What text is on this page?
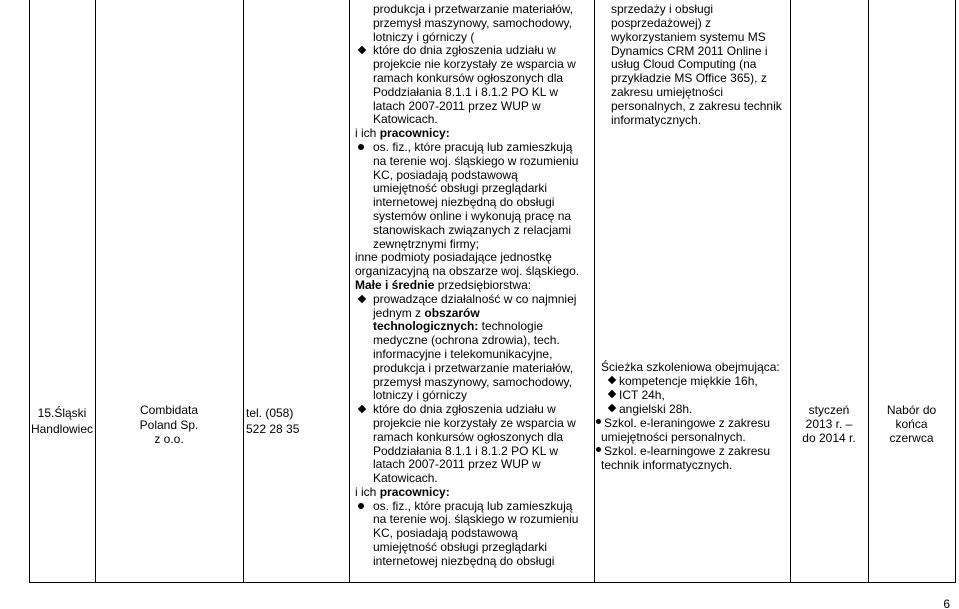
15.Śląski
Handlowiec
Combidata
Poland Sp.
z o.o.
tel. (058)
522 28 35
produkcja i przetwarzanie materiałów,
przemysł maszynowy, samochodowy,
lotniczy i górniczy (
które do dnia zgłoszenia udziału w
projekcie nie korzystały ze wsparcia w
ramach konkursów ogłoszonych dla
Poddziałania 8.1.1 i 8.1.2 PO KL w
latach 2007-2011 przez WUP w
Katowicach.
i ich pracownicy:
os. fiz., które pracują lub zamieszkują
na terenie woj. śląskiego w rozumieniu
KC, posiadają podstawową
umiejętność obsługi przeglądarki
internetowej niezbędną do obsługi
systemów online i wykonują pracę na
stanowiskach związanych z relacjami
zewnętrznymi firmy;
inne podmioty posiadające jednostkę
organizacyjną na obszarze woj. śląskiego.
Małe i średnie przedsiębiorstwa:
prowadzące działalność w co najmniej
jednym z obszarów
technologicznych: technologie
medyczne (ochrona zdrowia), tech.
informacyjne i telekomunikacyjne,
produkcja i przetwarzanie materiałów,
przemysł maszynowy, samochodowy,
lotniczy i górniczy
które do dnia zgłoszenia udziału w
projekcie nie korzystały ze wsparcia w
ramach konkursów ogłoszonych dla
Poddziałania 8.1.1 i 8.1.2 PO KL w
latach 2007-2011 przez WUP w
Katowicach.
i ich pracownicy:
os. fiz., które pracują lub zamieszkują
na terenie woj. śląskiego w rozumieniu
KC, posiadają podstawową
umiejętność obsługi przeglądarki
internetowej niezbędną do obsługi
sprzedaży i obsługi
posprzedażowej) z
wykorzystaniem systemu MS
Dynamics CRM 2011 Online i
usług Cloud Computing (na
przykładzie MS Office 365), z
zakresu umiejętności
personalnych, z zakresu technik
informatycznych.
Ścieżka szkoleniowa obejmująca:
kompetencje miękkie 16h,
ICT 24h,
angielski 28h.
Szkol. e-leraningowe z zakresu
umiejętności personalnych.
Szkol. e-learningowe z zakresu
technik informatycznych.
styczeń
2013 r. –
do 2014 r.
Nabór do
końca
czerwca
6
